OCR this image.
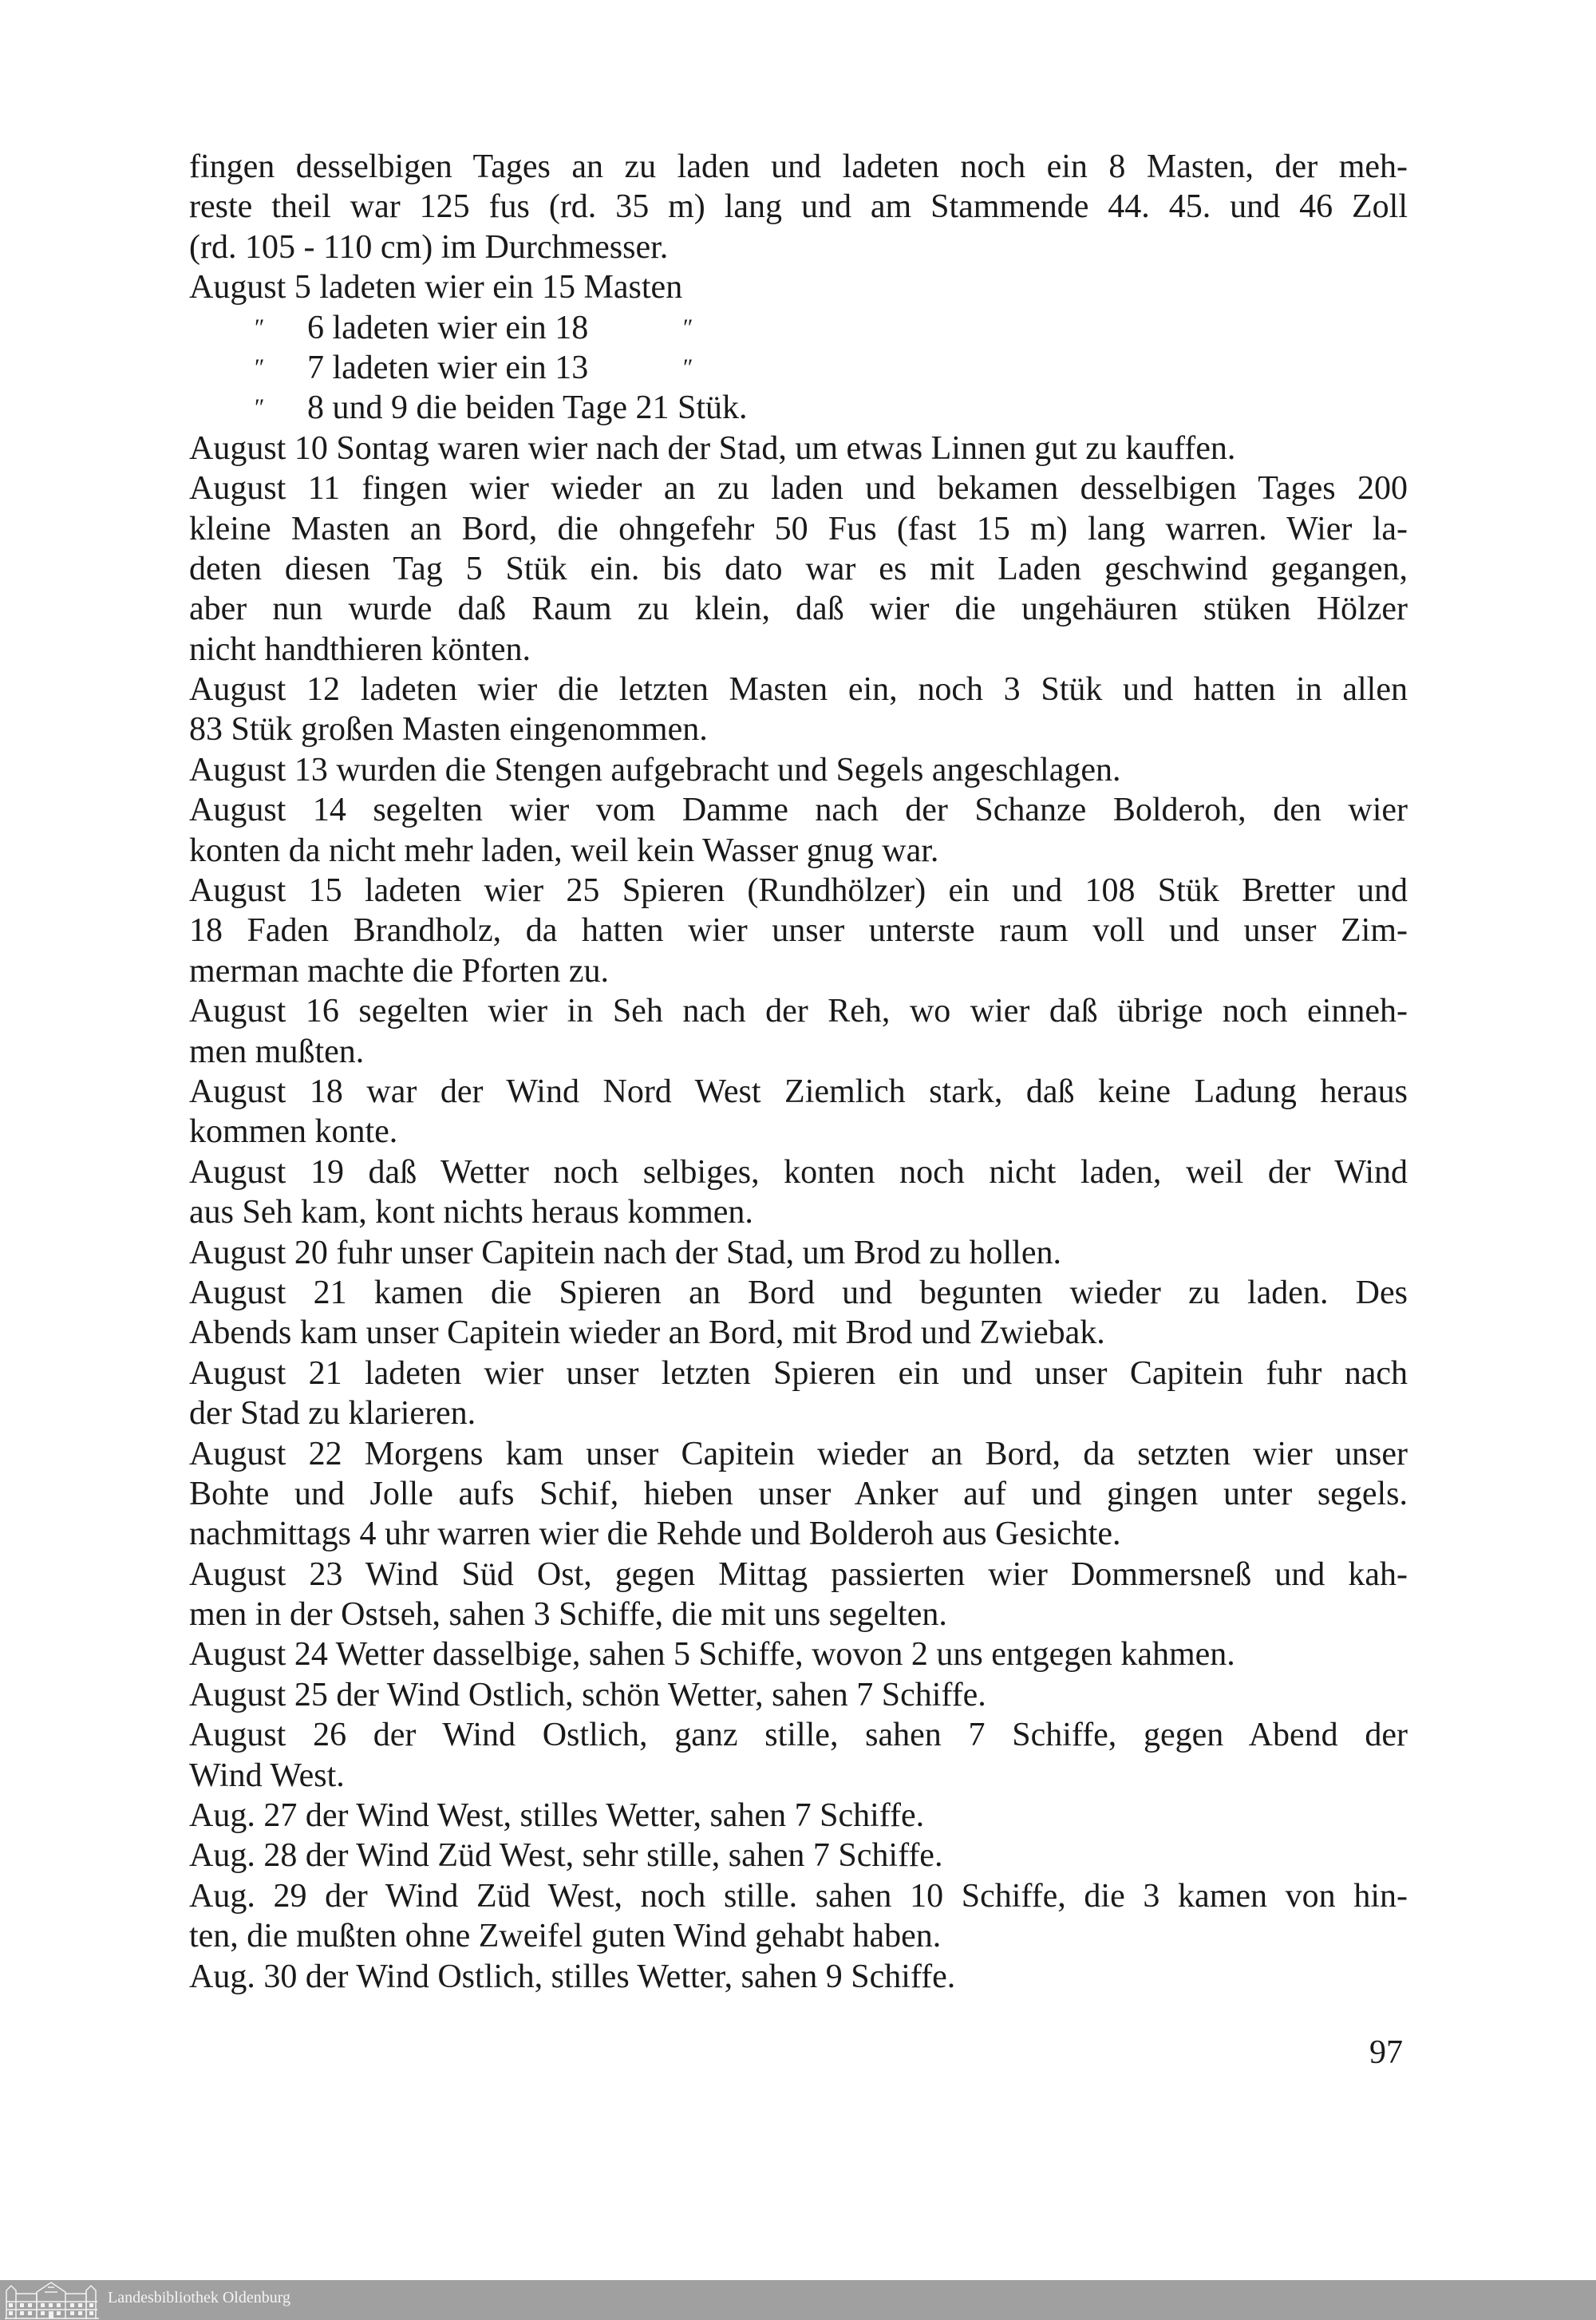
fingen desselbigen Tages an zu laden und ladeten noch ein 8 Masten, der meh-
reste theil war 125 fus (rd. 35 m) lang und am Stammende 44. 45. und 46 Zoll
(rd. 105 - 110 cm) im Durchmesser.
August 5 ladeten wier ein 15 Masten
″ 6 ladeten wier ein 18	″
″ 7 ladeten wier ein 13	″
″ 8 und 9 die beiden Tage 21 Stük.
August 10 Sontag waren wier nach der Stad, um etwas Linnen gut zu kauffen.
August 11 fingen wier wieder an zu laden und bekamen desselbigen Tages 200
kleine Masten an Bord, die ohngefehr 50 Fus (fast 15 m) lang warren. Wier la-
deten diesen Tag 5 Stük ein. bis dato war es mit Laden geschwind gegangen,
aber nun wurde daß Raum zu klein, daß wier die ungehäuren stüken Hölzer
nicht handthieren könten.
August 12 ladeten wier die letzten Masten ein, noch 3 Stük und hatten in allen
83 Stük großen Masten eingenommen.
August 13 wurden die Stengen aufgebracht und Segels angeschlagen.
August 14 segelten wier vom Damme nach der Schanze Bolderoh, den wier
konten da nicht mehr laden, weil kein Wasser gnug war.
August 15 ladeten wier 25 Spieren (Rundhölzer) ein und 108 Stük Bretter und
18 Faden Brandholz, da hatten wier unser unterste raum voll und unser Zim-
merman machte die Pforten zu.
August 16 segelten wier in Seh nach der Reh, wo wier daß übrige noch einneh-
men mußten.
August 18 war der Wind Nord West Ziemlich stark, daß keine Ladung heraus
kommen konte.
August 19 daß Wetter noch selbiges, konten noch nicht laden, weil der Wind
aus Seh kam, kont nichts heraus kommen.
August 20 fuhr unser Capitein nach der Stad, um Brod zu hollen.
August 21 kamen die Spieren an Bord und begunten wieder zu laden. Des
Abends kam unser Capitein wieder an Bord, mit Brod und Zwiebak.
August 21 ladeten wier unser letzten Spieren ein und unser Capitein fuhr nach
der Stad zu klarieren.
August 22 Morgens kam unser Capitein wieder an Bord, da setzten wier unser
Bohte und Jolle aufs Schif, hieben unser Anker auf und gingen unter segels.
nachmittags 4 uhr warren wier die Rehde und Bolderoh aus Gesichte.
August 23 Wind Süd Ost, gegen Mittag passierten wier Dommersneß und kah-
men in der Ostseh, sahen 3 Schiffe, die mit uns segelten.
August 24 Wetter dasselbige, sahen 5 Schiffe, wovon 2 uns entgegen kahmen.
August 25 der Wind Ostlich, schön Wetter, sahen 7 Schiffe.
August 26 der Wind Ostlich, ganz stille, sahen 7 Schiffe, gegen Abend der
Wind West.
Aug. 27 der Wind West, stilles Wetter, sahen 7 Schiffe.
Aug. 28 der Wind Züd West, sehr stille, sahen 7 Schiffe.
Aug. 29 der Wind Züd West, noch stille. sahen 10 Schiffe, die 3 kamen von hin-
ten, die mußten ohne Zweifel guten Wind gehabt haben.
Aug. 30 der Wind Ostlich, stilles Wetter, sahen 9 Schiffe.
97
Landesbibliothek Oldenburg
